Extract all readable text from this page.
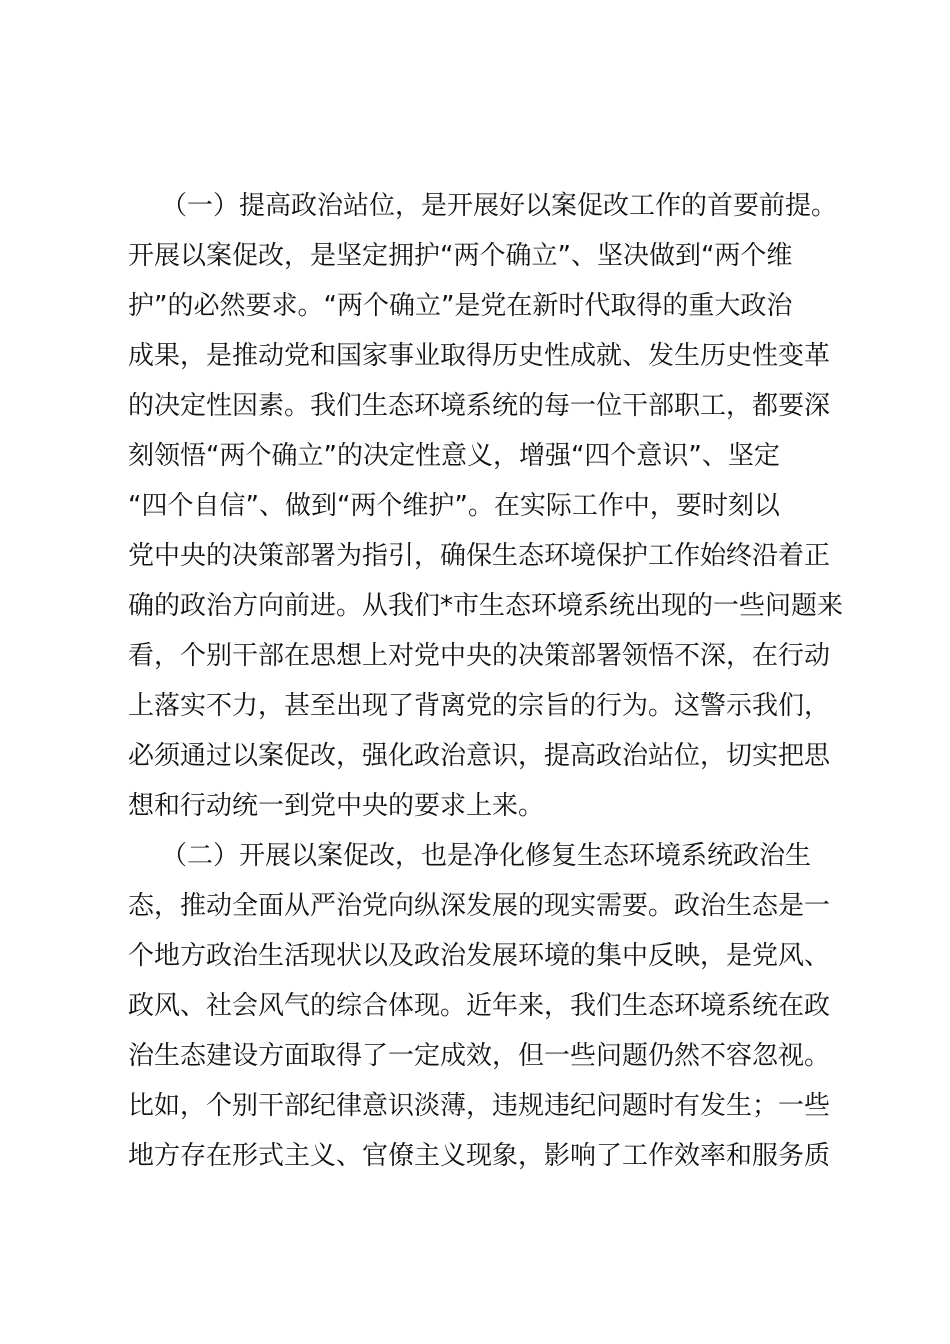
（一）提高政治站位，是开展好以案促改工作的首要前提。
开展以案促改，是坚定拥护“两个确立”、坚决做到“两个维
护”的必然要求。“两个确立”是党在新时代取得的重大政治
成果，是推动党和国家事业取得历史性成就、发生历史性变革
的决定性因素。我们生态环境系统的每一位干部职工，都要深
刻领悟“两个确立”的决定性意义，增强“四个意识”、坚定
“四个自信”、做到“两个维护”。在实际工作中，要时刻以
党中央的决策部署为指引，确保生态环境保护工作始终沿着正
确的政治方向前进。从我们*市生态环境系统出现的一些问题来
看，个别干部在思想上对党中央的决策部署领悟不深，在行动
上落实不力，甚至出现了背离党的宗旨的行为。这警示我们，
必须通过以案促改，强化政治意识，提高政治站位，切实把思
想和行动统一到党中央的要求上来。
（二）开展以案促改，也是净化修复生态环境系统政治生
态，推动全面从严治党向纵深发展的现实需要。政治生态是一
个地方政治生活现状以及政治发展环境的集中反映，是党风、
政风、社会风气的综合体现。近年来，我们生态环境系统在政
治生态建设方面取得了一定成效，但一些问题仍然不容忽视。
比如，个别干部纪律意识淡薄，违规违纪问题时有发生；一些
地方存在形式主义、官僚主义现象，影响了工作效率和服务质
